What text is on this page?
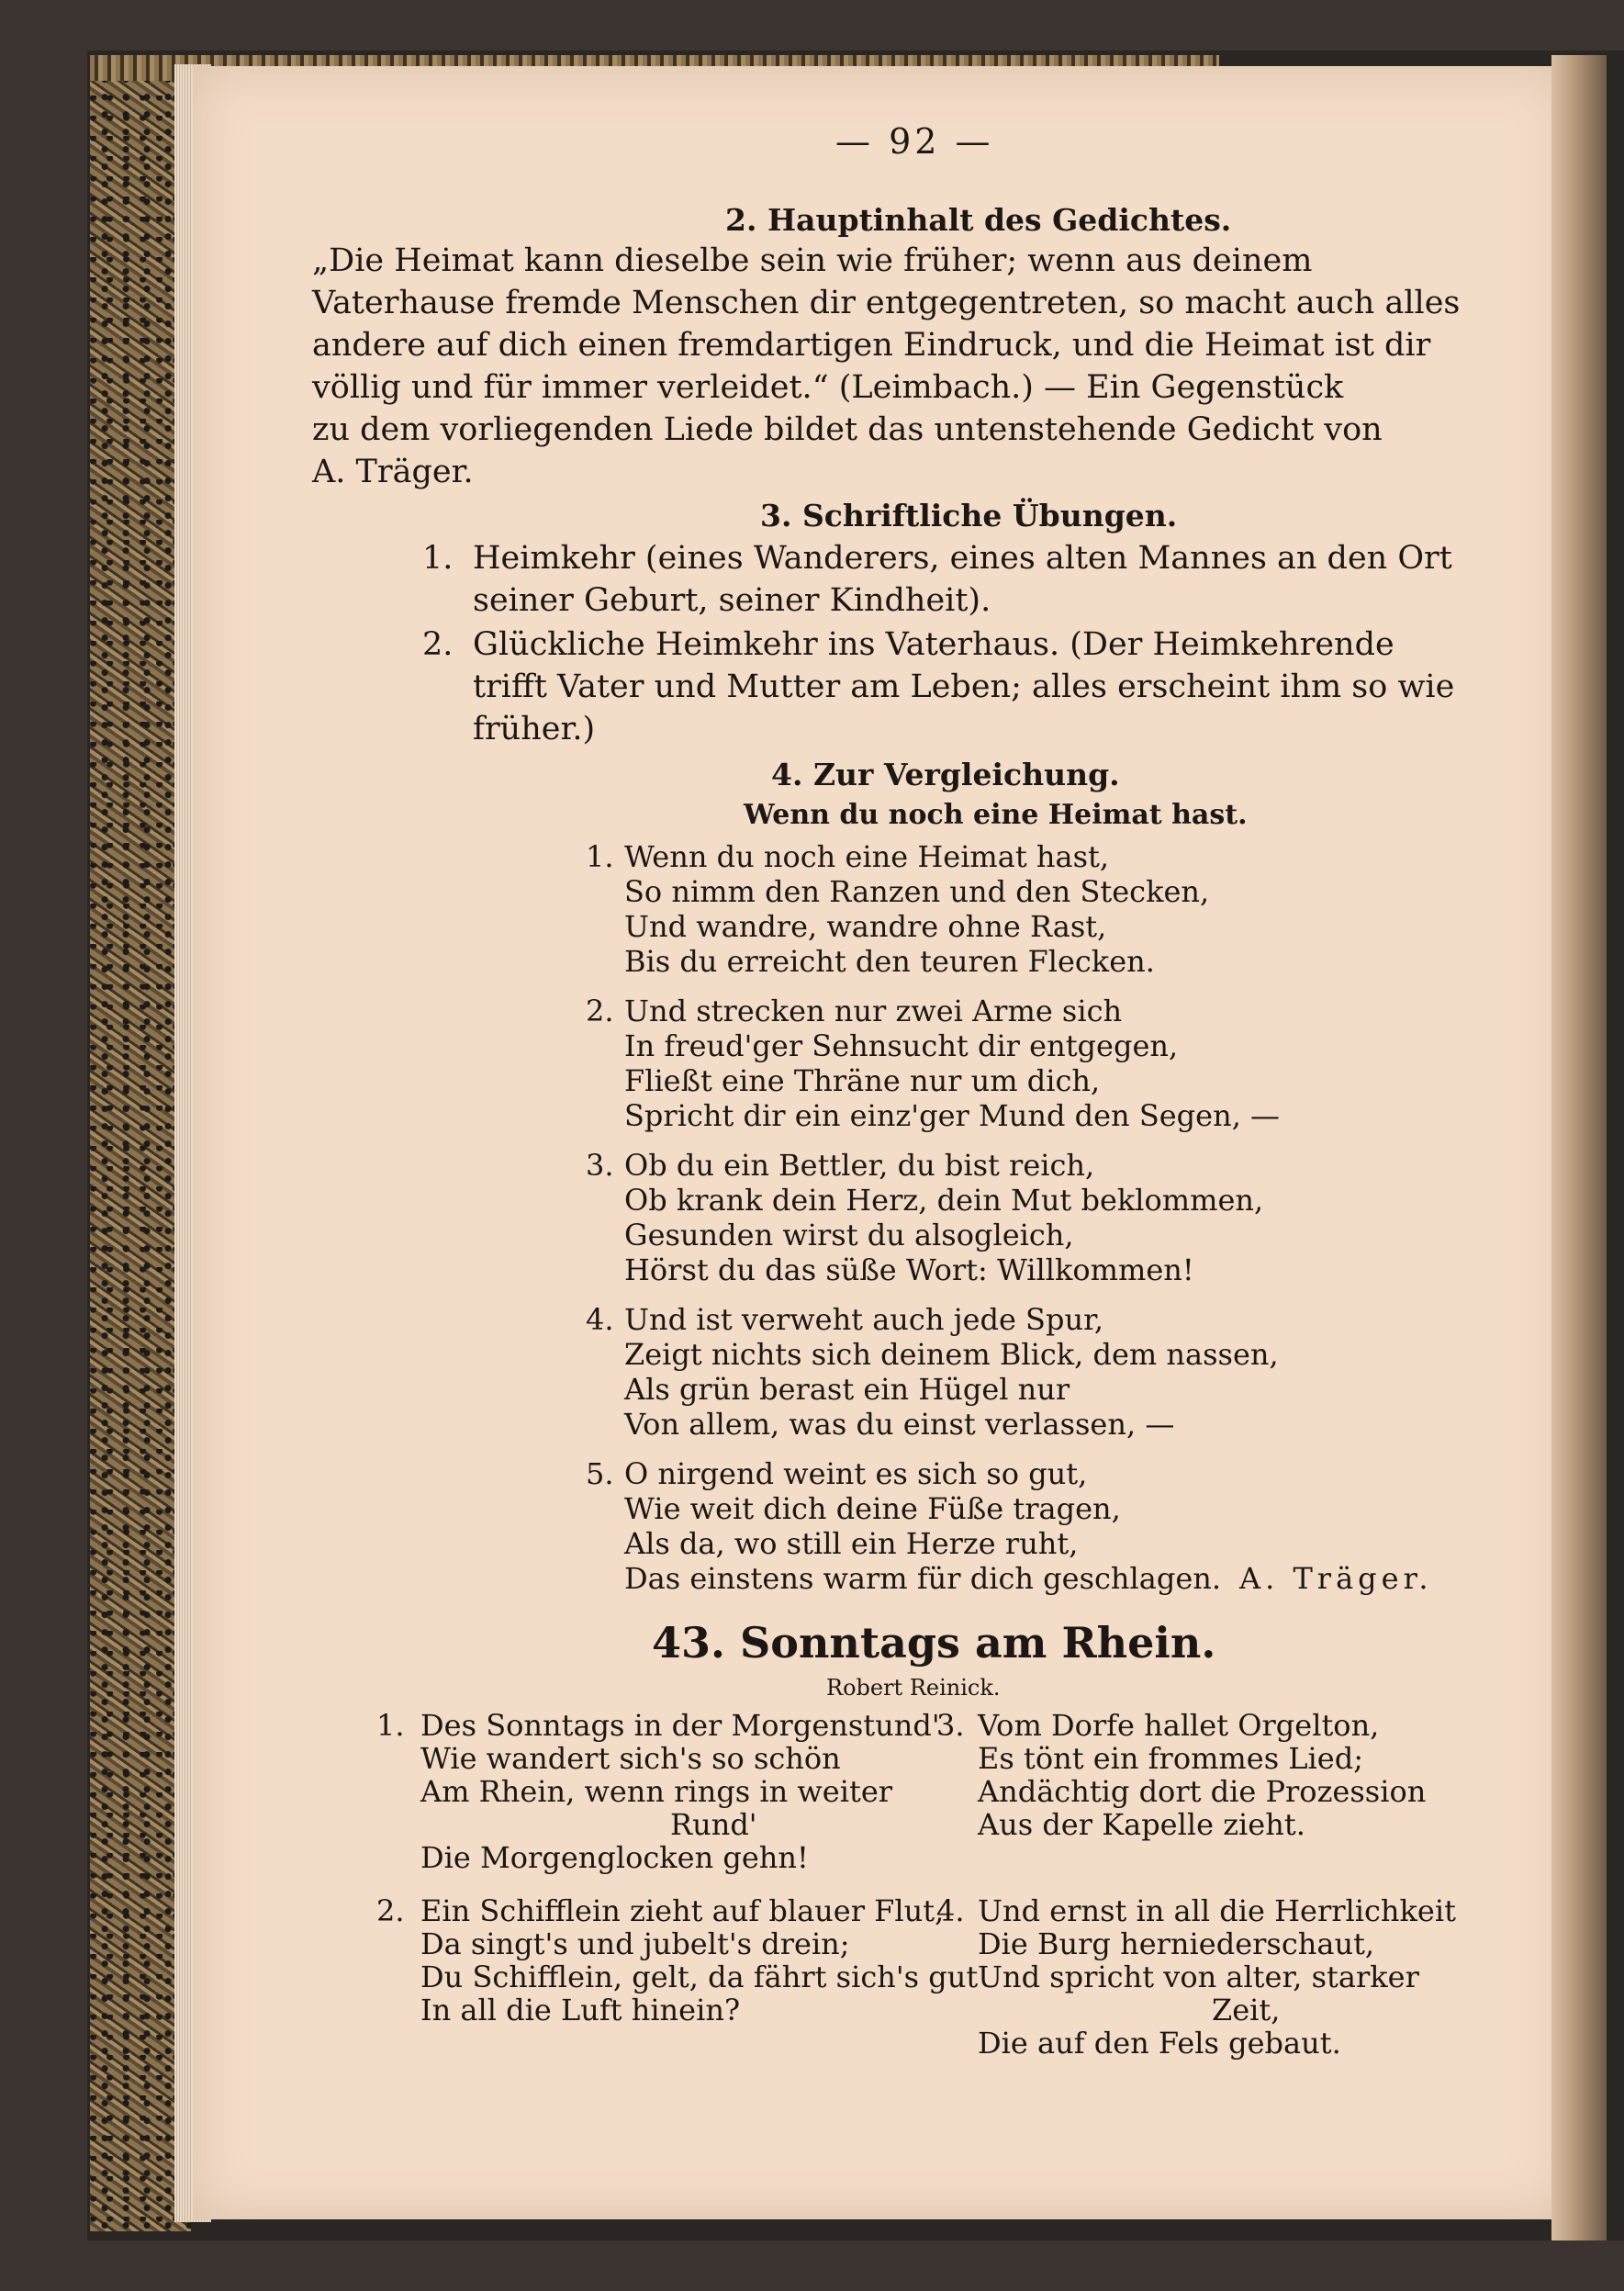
— 92 —
2. Hauptinhalt des Gedichtes.
„Die Heimat kann dieselbe sein wie früher; wenn aus deinem
Vaterhause fremde Menschen dir entgegentreten, so macht auch alles
andere auf dich einen fremdartigen Eindruck, und die Heimat ist dir
völlig und für immer verleidet.“ (Leimbach.) — Ein Gegenstück
zu dem vorliegenden Liede bildet das untenstehende Gedicht von
A. Träger.
3. Schriftliche Übungen.
1. Heimkehr (eines Wanderers, eines alten Mannes an den Ort
seiner Geburt, seiner Kindheit).
2. Glückliche Heimkehr ins Vaterhaus. (Der Heimkehrende
trifft Vater und Mutter am Leben; alles erscheint ihm so wie
früher.)
4. Zur Vergleichung.
Wenn du noch eine Heimat hast.
1. Wenn du noch eine Heimat hast,
So nimm den Ranzen und den Stecken,
Und wandre, wandre ohne Rast,
Bis du erreicht den teuren Flecken.
2. Und strecken nur zwei Arme sich
In freud'ger Sehnsucht dir entgegen,
Fließt eine Thräne nur um dich,
Spricht dir ein einz'ger Mund den Segen, —
3. Ob du ein Bettler, du bist reich,
Ob krank dein Herz, dein Mut beklommen,
Gesunden wirst du alsogleich,
Hörst du das süße Wort: Willkommen!
4. Und ist verweht auch jede Spur,
Zeigt nichts sich deinem Blick, dem nassen,
Als grün berast ein Hügel nur
Von allem, was du einst verlassen, —
5. O nirgend weint es sich so gut,
Wie weit dich deine Füße tragen,
Als da, wo still ein Herze ruht,
Das einstens warm für dich geschlagen. A. Träger.
43. Sonntags am Rhein.
Robert Reinick.
1. Des Sonntags in der Morgenstund'
Wie wandert sich's so schön
Am Rhein, wenn rings in weiter
Rund'
Die Morgenglocken gehn!
2. Ein Schifflein zieht auf blauer Flut,
Da singt's und jubelt's drein;
Du Schifflein, gelt, da fährt sich's gut
In all die Luft hinein?
3. Vom Dorfe hallet Orgelton,
Es tönt ein frommes Lied;
Andächtig dort die Prozession
Aus der Kapelle zieht.
4. Und ernst in all die Herrlichkeit
Die Burg herniederschaut,
Und spricht von alter, starker
Zeit,
Die auf den Fels gebaut.
